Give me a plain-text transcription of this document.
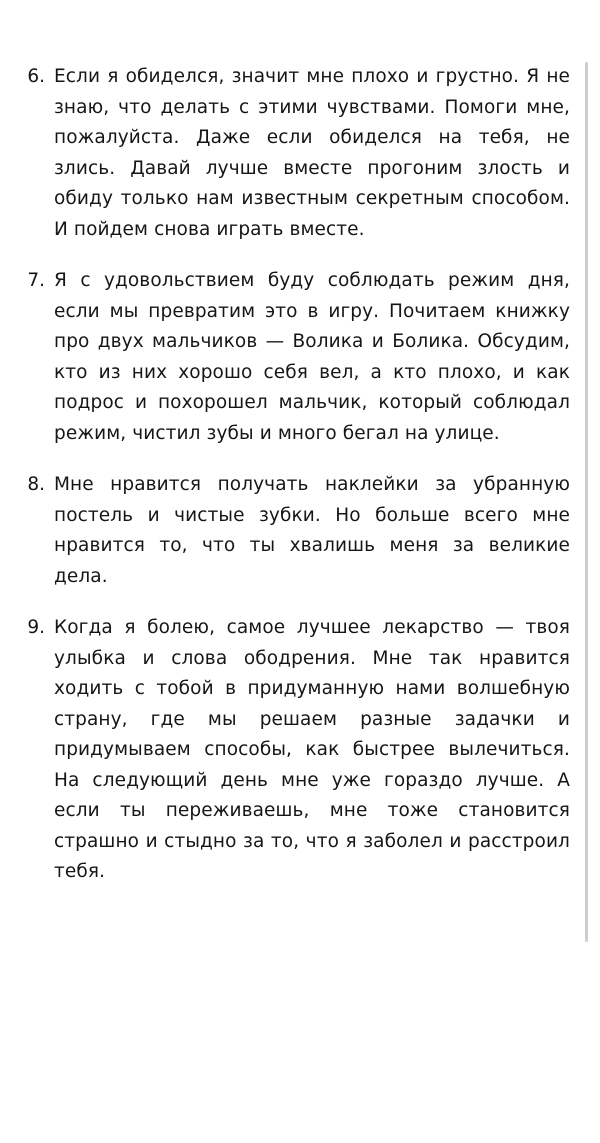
6. Если я обиделся, значит мне плохо и грустно. Я не знаю, что делать с этими чувствами. Помоги мне, пожалуйста. Даже если обиделся на тебя, не злись. Давай лучше вместе прогоним злость и обиду только нам известным секретным способом. И пойдем снова играть вместе.
7. Я с удовольствием буду соблюдать режим дня, если мы превратим это в игру. Почитаем книжку про двух мальчиков — Волика и Болика. Обсудим, кто из них хорошо себя вел, а кто плохо, и как подрос и похорошел мальчик, который соблюдал режим, чистил зубы и много бегал на улице.
8. Мне нравится получать наклейки за убранную постель и чистые зубки. Но больше всего мне нравится то, что ты хвалишь меня за великие дела.
9. Когда я болею, самое лучшее лекарство — твоя улыбка и слова ободрения. Мне так нравится ходить с тобой в придуманную нами волшебную страну, где мы решаем разные задачки и придумываем способы, как быстрее вылечиться. На следующий день мне уже гораздо лучше. А если ты переживаешь, мне тоже становится страшно и стыдно за то, что я заболел и расстроил тебя.
